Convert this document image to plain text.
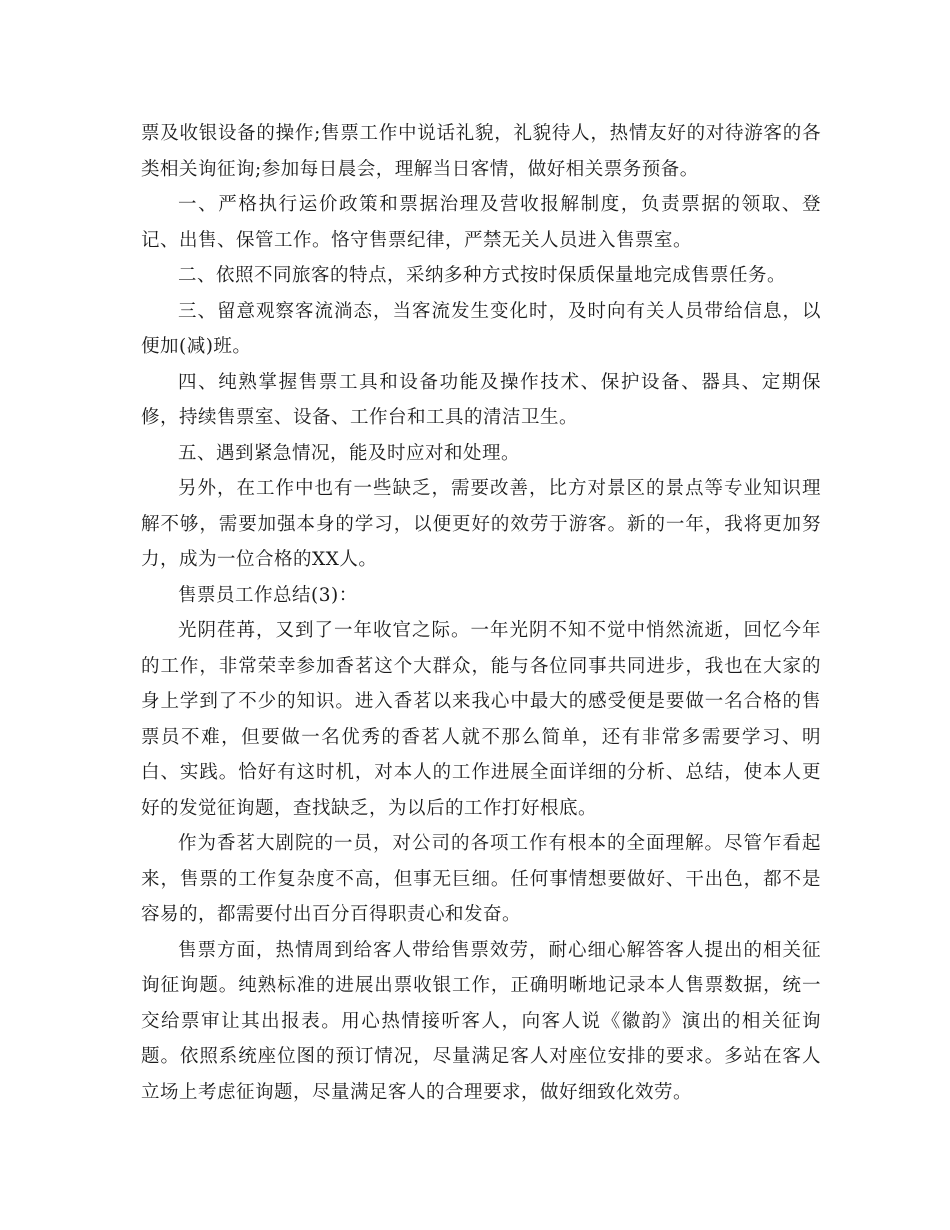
票及收银设备的操作;售票工作中说话礼貌，礼貌待人，热情友好的对待游客的各类相关询征询;参加每日晨会，理解当日客情，做好相关票务预备。

一、严格执行运价政策和票据治理及营收报解制度，负责票据的领取、登记、出售、保管工作。恪守售票纪律，严禁无关人员进入售票室。

二、依照不同旅客的特点，采纳多种方式按时保质保量地完成售票任务。

三、留意观察客流淌态，当客流发生变化时，及时向有关人员带给信息，以便加(减)班。

四、纯熟掌握售票工具和设备功能及操作技术、保护设备、器具、定期保修，持续售票室、设备、工作台和工具的清洁卫生。

五、遇到紧急情况，能及时应对和处理。

另外，在工作中也有一些缺乏，需要改善，比方对景区的景点等专业知识理解不够，需要加强本身的学习，以便更好的效劳于游客。新的一年，我将更加努力，成为一位合格的XX人。

售票员工作总结(3)：

光阴荏苒，又到了一年收官之际。一年光阴不知不觉中悄然流逝，回忆今年的工作，非常荣幸参加香茗这个大群众，能与各位同事共同进步，我也在大家的身上学到了不少的知识。进入香茗以来我心中最大的感受便是要做一名合格的售票员不难，但要做一名优秀的香茗人就不那么简单，还有非常多需要学习、明白、实践。恰好有这时机，对本人的工作进展全面详细的分析、总结，使本人更好的发觉征询题，查找缺乏，为以后的工作打好根底。

作为香茗大剧院的一员，对公司的各项工作有根本的全面理解。尽管乍看起来，售票的工作复杂度不高，但事无巨细。任何事情想要做好、干出色，都不是容易的，都需要付出百分百得职责心和发奋。

售票方面，热情周到给客人带给售票效劳，耐心细心解答客人提出的相关征询征询题。纯熟标准的进展出票收银工作，正确明晰地记录本人售票数据，统一交给票审让其出报表。用心热情接听客人，向客人说《徽韵》演出的相关征询题。依照系统座位图的预订情况，尽量满足客人对座位安排的要求。多站在客人立场上考虑征询题，尽量满足客人的合理要求，做好细致化效劳。
